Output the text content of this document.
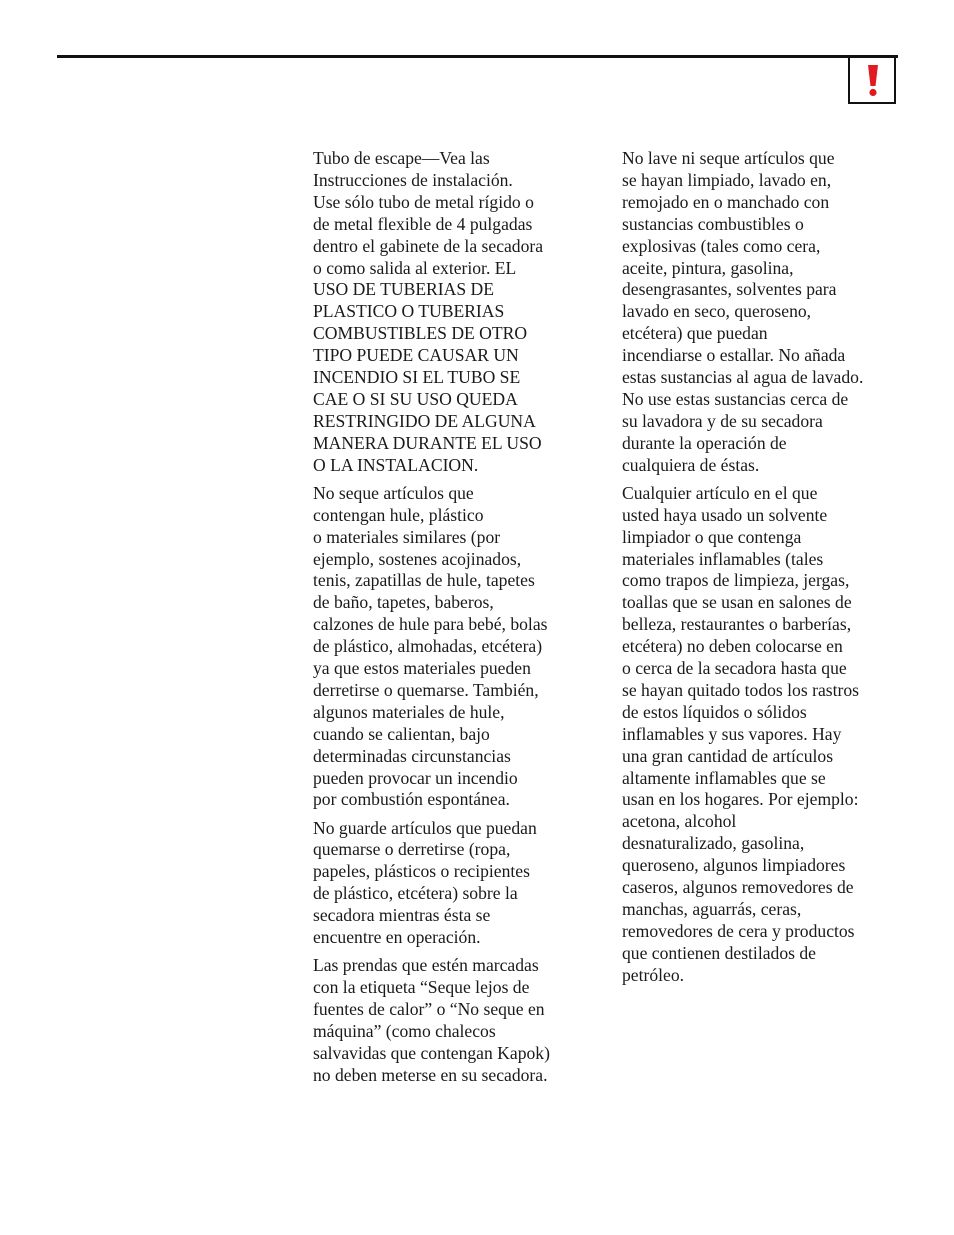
Tubo de escape—Vea las
Instrucciones de instalación.
Use sólo tubo de metal rígido o
de metal flexible de 4 pulgadas
dentro el gabinete de la secadora
o como salida al exterior. EL
USO DE TUBERIAS DE
PLASTICO O TUBERIAS
COMBUSTIBLES DE OTRO
TIPO PUEDE CAUSAR UN
INCENDIO SI EL TUBO SE
CAE O SI SU USO QUEDA
RESTRINGIDO DE ALGUNA
MANERA DURANTE EL USO
O LA INSTALACION.

No seque artículos que
contengan hule, plástico
o materiales similares (por
ejemplo, sostenes acojinados,
tenis, zapatillas de hule, tapetes
de baño, tapetes, baberos,
calzones de hule para bebé, bolas
de plástico, almohadas, etcétera)
ya que estos materiales pueden
derretirse o quemarse. También,
algunos materiales de hule,
cuando se calientan, bajo
determinadas circunstancias
pueden provocar un incendio
por combustión espontánea.

No guarde artículos que puedan
quemarse o derretirse (ropa,
papeles, plásticos o recipientes
de plástico, etcétera) sobre la
secadora mientras ésta se
encuentre en operación.

Las prendas que estén marcadas
con la etiqueta “Seque lejos de
fuentes de calor” o “No seque en
máquina” (como chalecos
salvavidas que contengan Kapok)
no deben meterse en su secadora.

No lave ni seque artículos que
se hayan limpiado, lavado en,
remojado en o manchado con
sustancias combustibles o
explosivas (tales como cera,
aceite, pintura, gasolina,
desengrasantes, solventes para
lavado en seco, queroseno,
etcétera) que puedan
incendiarse o estallar. No añada
estas sustancias al agua de lavado.
No use estas sustancias cerca de
su lavadora y de su secadora
durante la operación de
cualquiera de éstas.

Cualquier artículo en el que
usted haya usado un solvente
limpiador o que contenga
materiales inflamables (tales
como trapos de limpieza, jergas,
toallas que se usan en salones de
belleza, restaurantes o barberías,
etcétera) no deben colocarse en
o cerca de la secadora hasta que
se hayan quitado todos los rastros
de estos líquidos o sólidos
inflamables y sus vapores. Hay
una gran cantidad de artículos
altamente inflamables que se
usan en los hogares. Por ejemplo:
acetona, alcohol
desnaturalizado, gasolina,
queroseno, algunos limpiadores
caseros, algunos removedores de
manchas, aguarrás, ceras,
removedores de cera y productos
que contienen destilados de
petróleo.
